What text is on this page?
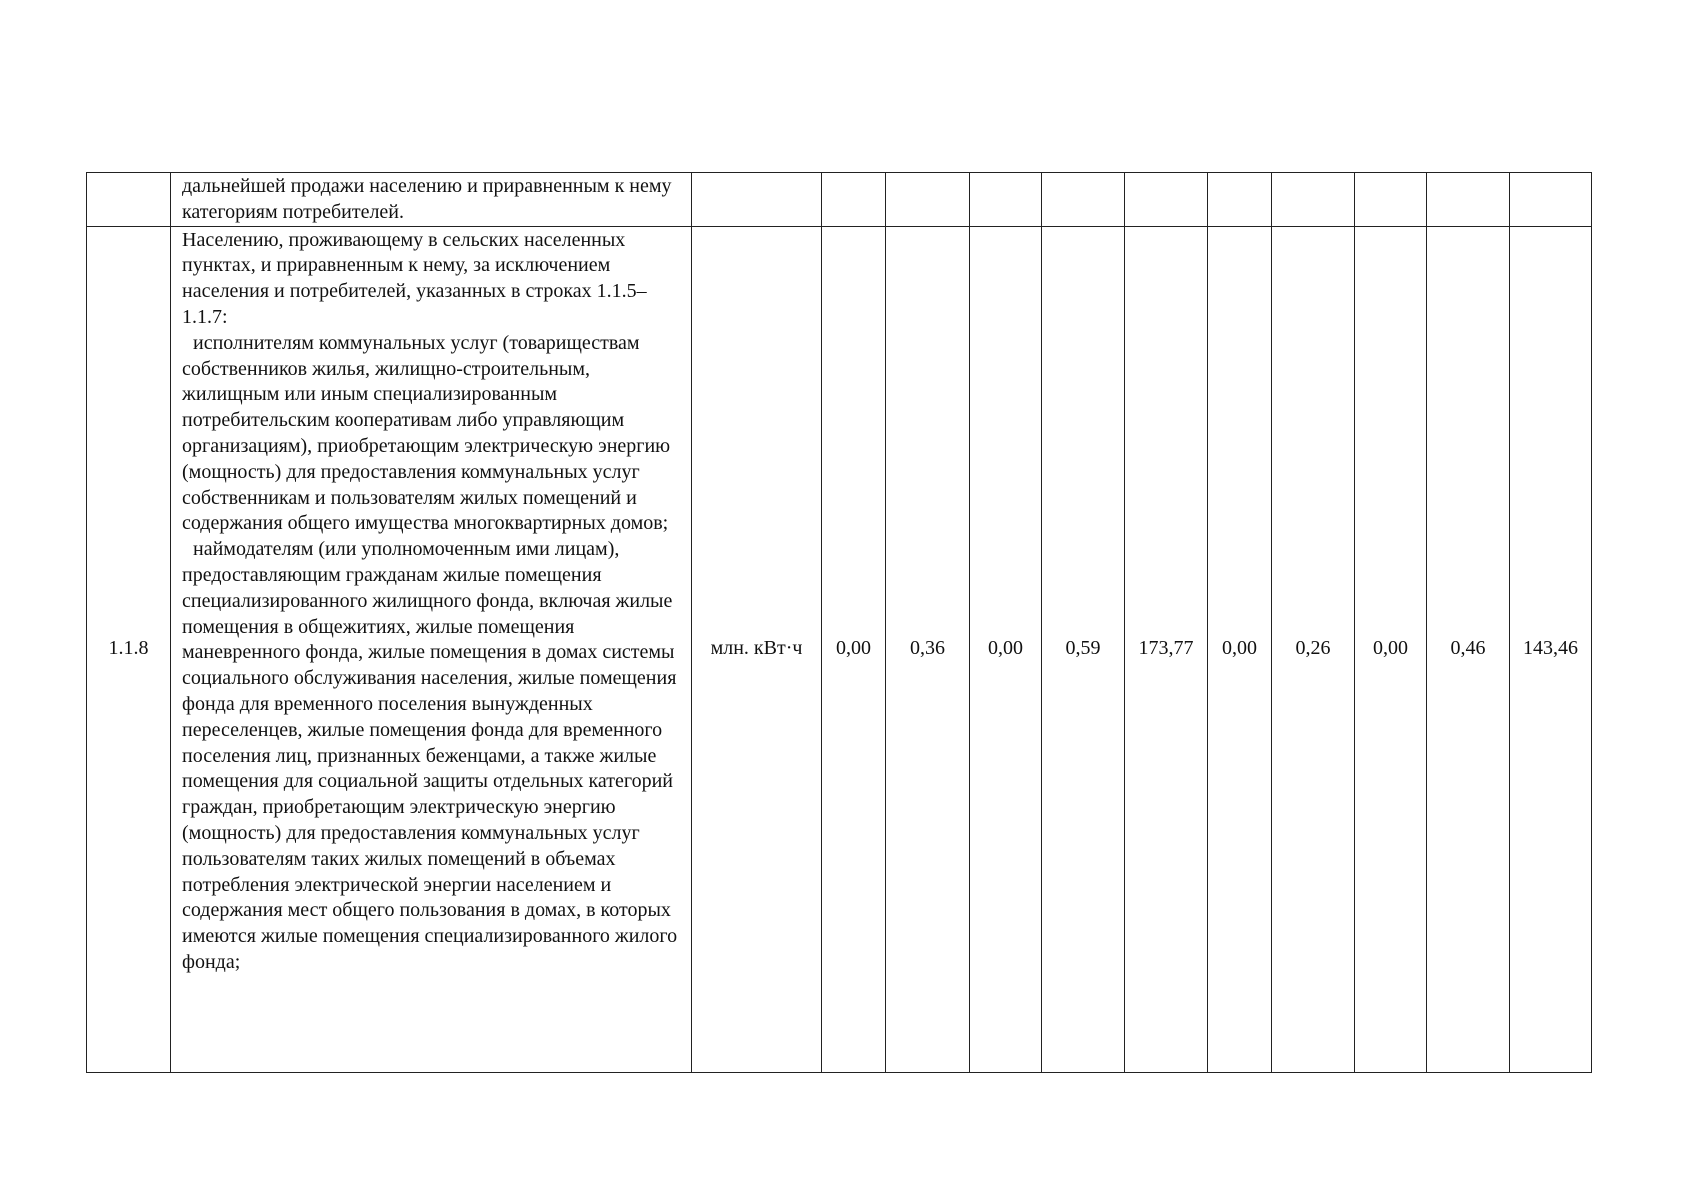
	дальнейшей продажи населению и приравненным к нему категориям потребителей.											

1.1.8	Населению, проживающему в сельских населенных пунктах, и приравненным к нему, за исключением населения и потребителей, указанных в строках 1.1.5–1.1.7:
исполнителям коммунальных услуг (товариществам собственников жилья, жилищно-строительным, жилищным или иным специализированным потребительским кооперативам либо управляющим организациям), приобретающим электрическую энергию (мощность) для предоставления коммунальных услуг собственникам и пользователям жилых помещений и содержания общего имущества многоквартирных домов;
наймодателям (или уполномоченным ими лицам), предоставляющим гражданам жилые помещения специализированного жилищного фонда, включая жилые помещения в общежитиях, жилые помещения маневренного фонда, жилые помещения в домах системы социального обслуживания населения, жилые помещения фонда для временного поселения вынужденных переселенцев, жилые помещения фонда для временного поселения лиц, признанных беженцами, а также жилые помещения для социальной защиты отдельных категорий граждан, приобретающим электрическую энергию (мощность) для предоставления коммунальных услуг пользователям таких жилых помещений в объемах потребления электрической энергии населением и содержания мест общего пользования в домах, в которых имеются жилые помещения специализированного жилого фонда;	млн. кВт·ч	0,00	0,36	0,00	0,59	173,77	0,00	0,26	0,00	0,46	143,46
